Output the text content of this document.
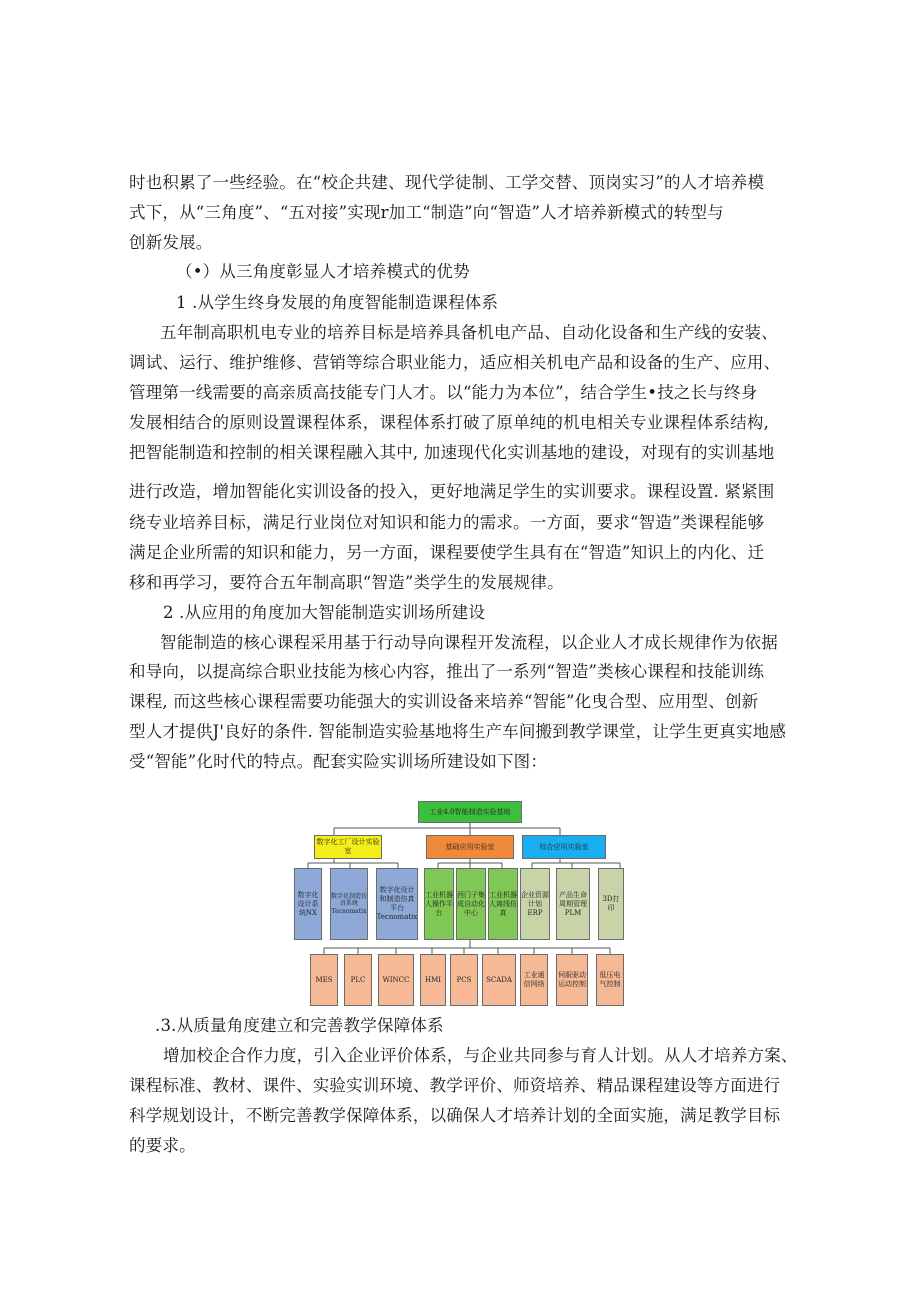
时也积累了一些经验。在“校企共建、现代学徒制、工学交替、顶岗实习”的人才培养模
式下，从“三角度”、“五对接”实现r加工“制造”向“智造”人才培养新模式的转型与
创新发展。
（•）从三角度彰显人才培养模式的优势
1 .从学生终身发展的角度智能制造课程体系
五年制高职机电专业的培养目标是培养具备机电产品、自动化设备和生产线的安装、
调试、运行、维护维修、营销等综合职业能力，适应相关机电产品和设备的生产、应用、
管理第一线需要的高亲质高技能专门人才。以“能力为本位”，结合学生•技之长与终身
发展相结合的原则设置课程体系，课程体系打破了原单纯的机电相关专业课程体系结构,
把智能制造和控制的相关课程融入其中, 加速现代化实训基地的建设，对现有的实训基地
进行改造，增加智能化实训设备的投入，更好地满足学生的实训要求。课程设置. 紧紧围
绕专业培养目标，满足行业岗位对知识和能力的需求。一方面，要求“智造”类课程能够
满足企业所需的知识和能力，另一方面，课程要使学生具有在“智造”知识上的内化、迁
移和再学习，要符合五年制高职“智造”类学生的发展规律。
2 .从应用的角度加大智能制造实训场所建设
智能制造的核心课程采用基于行动导向课程开发流程，以企业人才成长规律作为依据
和导向，以提高综合职业技能为核心内容，推出了一系列“智造”类核心课程和技能训练
课程, 而这些核心课程需要功能强大的实训设备来培养“智能”化曳合型、应用型、创新
型人才提供J'良好的条件. 智能制造实验基地将生产车间搬到教学课堂，让学生更真实地感
受“智能”化时代的特点。配套实险实训场所建设如下图：
工业4.0智能制造实验基地
数字化工厂设计实验室
基础应用实验室	综合应用实验室
数字化设计系统NX
数字化制造仿真系统Tecnomatix
数字化设计和制造仿真平台Tecnomatix
工业机器人操作平台
西门子集成自动化中心
工业机器人离线仿真
企业资源计划ERP
产品生命周期管理PLM
3D打印
MES	PLC	WINCC	HMI	PCS	SCADA
工业通信网络
伺服驱动运动控制
低压电气控制
.3.从质量角度建立和完善教学保障体系
增加校企合作力度，引入企业评价体系，与企业共同参与育人计划。从人才培养方案、
课程标准、教材、课件、实验实训环境、教学评价、师资培养、精品课程建设等方面进行
科学规划设计，不断完善教学保障体系，以确保人才培养计划的全面实施，满足教学目标
的要求。
